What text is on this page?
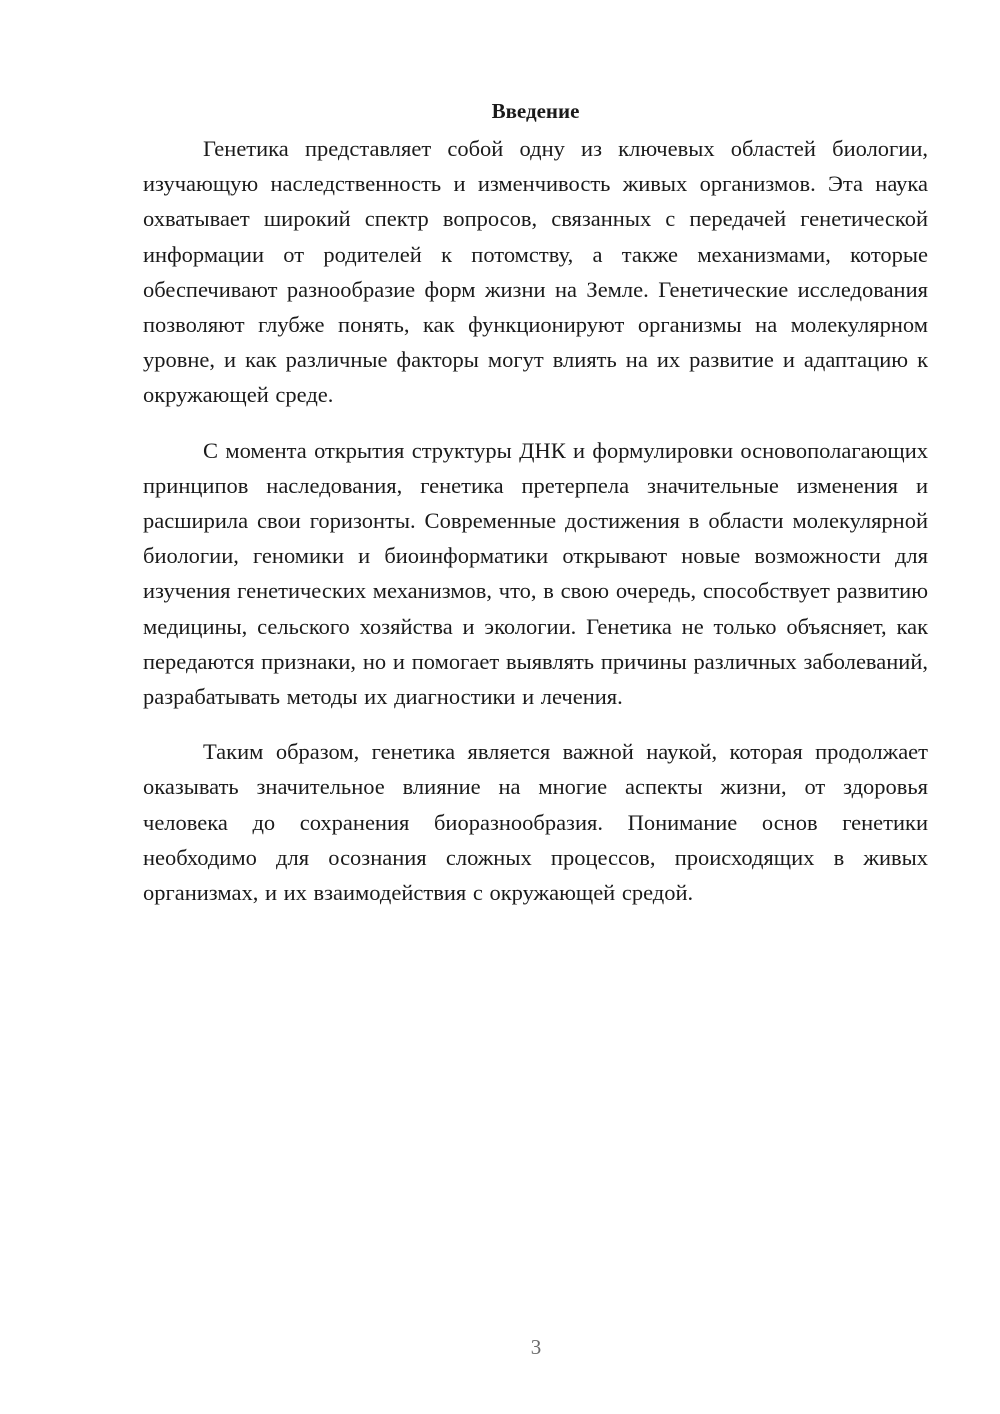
Введение

Генетика представляет собой одну из ключевых областей биологии, изучающую наследственность и изменчивость живых организмов. Эта наука охватывает широкий спектр вопросов, связанных с передачей генетической информации от родителей к потомству, а также механизмами, которые обеспечивают разнообразие форм жизни на Земле. Генетические исследования позволяют глубже понять, как функционируют организмы на молекулярном уровне, и как различные факторы могут влиять на их развитие и адаптацию к окружающей среде.

С момента открытия структуры ДНК и формулировки основополагающих принципов наследования, генетика претерпела значительные изменения и расширила свои горизонты. Современные достижения в области молекулярной биологии, геномики и биоинформатики открывают новые возможности для изучения генетических механизмов, что, в свою очередь, способствует развитию медицины, сельского хозяйства и экологии. Генетика не только объясняет, как передаются признаки, но и помогает выявлять причины различных заболеваний, разрабатывать методы их диагностики и лечения.

Таким образом, генетика является важной наукой, которая продолжает оказывать значительное влияние на многие аспекты жизни, от здоровья человека до сохранения биоразнообразия. Понимание основ генетики необходимо для осознания сложных процессов, происходящих в живых организмах, и их взаимодействия с окружающей средой.

3
